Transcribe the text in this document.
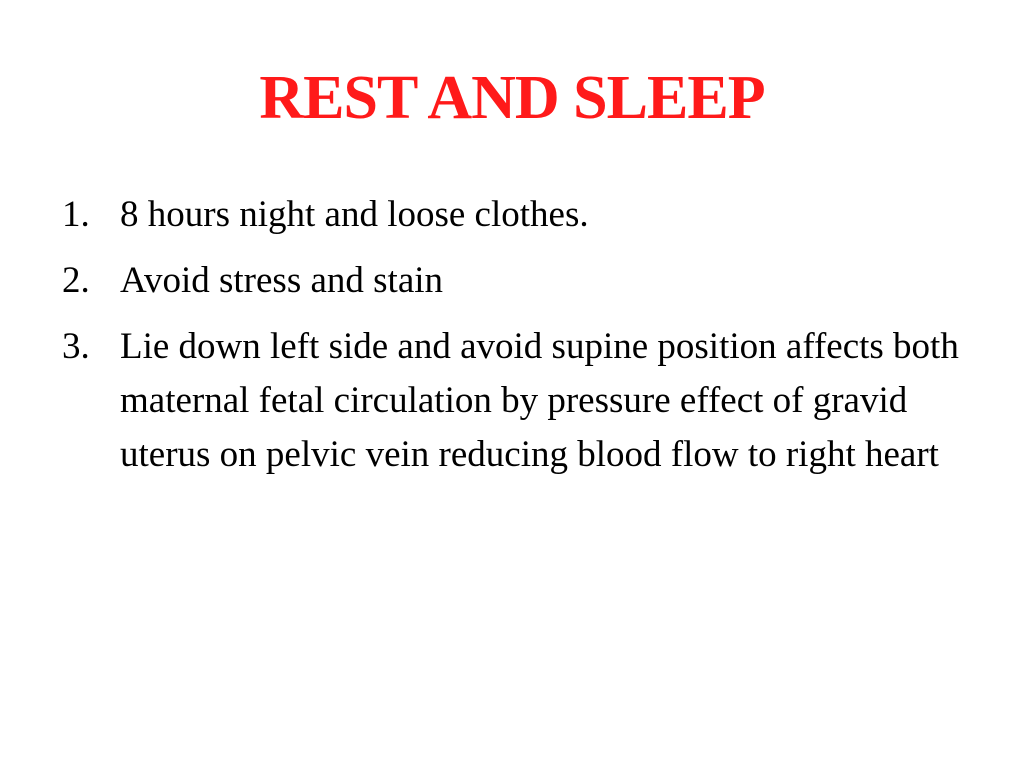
REST AND SLEEP
1. 8 hours night and loose clothes.
2. Avoid stress and stain
3. Lie down left side and avoid supine position affects both maternal fetal circulation by pressure effect of gravid uterus on pelvic vein reducing blood flow to right heart
